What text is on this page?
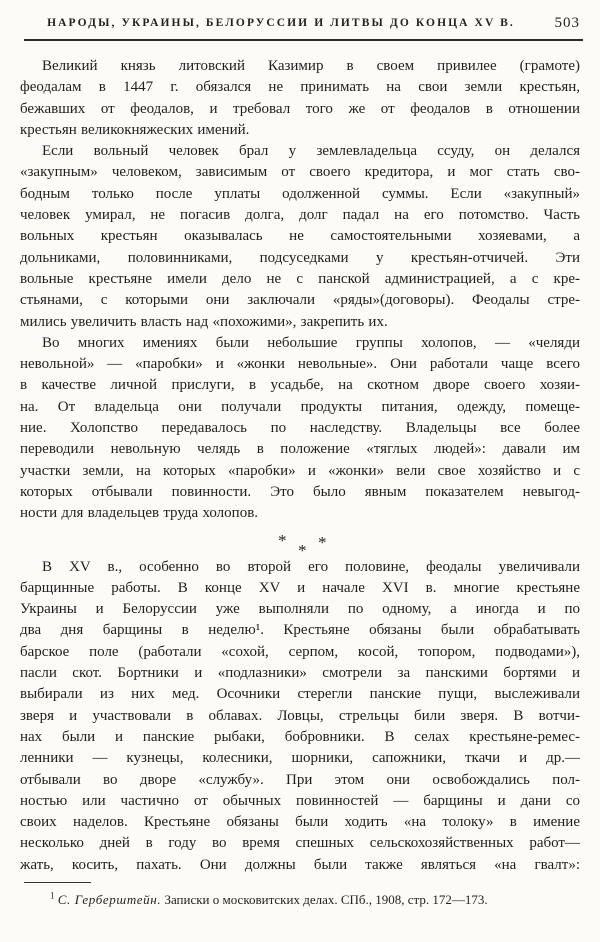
НАРОДЫ, УКРАИНЫ, БЕЛОРУССИИ И ЛИТВЫ ДО КОНЦА XV В.	503
Великий князь литовский Казимир в своем привилее (грамоте)
феодалам в 1447 г. обязался не принимать на свои земли крестьян,
бежавших от феодалов, и требовал того же от феодалов в отношении
крестьян великокняжеских имений.
Если вольный человек брал у землевладельца ссуду, он делался
«закупным» человеком, зависимым от своего кредитора, и мог стать сво-
бодным только после уплаты одолженной суммы. Если «закупный»
человек умирал, не погасив долга, долг падал на его потомство. Часть
вольных крестьян оказывалась не самостоятельными хозяевами, а
дольниками, половинниками, подсуседками у крестьян-отчичей. Эти
вольные крестьяне имели дело не с панской администрацией, а с кре-
стьянами, с которыми они заключали «ряды»(договоры). Феодалы стре-
мились увеличить власть над «похожими», закрепить их.
Во многих имениях были небольшие группы холопов, — «челяди
невольной» — «паробки» и «жонки невольные». Они работали чаще всего
в качестве личной прислуги, в усадьбе, на скотном дворе своего хозяи-
на. От владельца они получали продукты питания, одежду, помеще-
ние. Холопство передавалось по наследству. Владельцы все более
переводили невольную челядь в положение «тяглых людей»: давали им
участки земли, на которых «паробки» и «жонки» вели свое хозяйство и с
которых отбывали повинности. Это было явным показателем невыгод-
ности для владельцев труда холопов.
* *
*
В XV в., особенно во второй его половине, феодалы увеличивали
барщинные работы. В конце XV и начале XVI в. многие крестьяне
Украины и Белоруссии уже выполняли по одному, а иногда и по
два дня барщины в неделю¹. Крестьяне обязаны были обрабатывать
барское поле (работали «сохой, серпом, косой, топором, подводами»),
пасли скот. Бортники и «подлазники» смотрели за панскими бортями и
выбирали из них мед. Осочники стерегли панские пущи, выслеживали
зверя и участвовали в облавах. Ловцы, стрельцы били зверя. В вотчи-
нах были и панские рыбаки, бобровники. В селах крестьяне-ремес-
ленники — кузнецы, колесники, шорники, сапожники, ткачи и др.—
отбывали во дворе «службу». При этом они освобождались пол-
ностью или частично от обычных повинностей — барщины и дани со
своих наделов. Крестьяне обязаны были ходить «на толоку» в имение
несколько дней в году во время спешных сельскохозяйственных работ—
жать, косить, пахать. Они должны были также являться «на гвалт»:
$^1$ С. Герберштейн. Записки о московитских делах. СПб., 1908, стр. 172—173.
